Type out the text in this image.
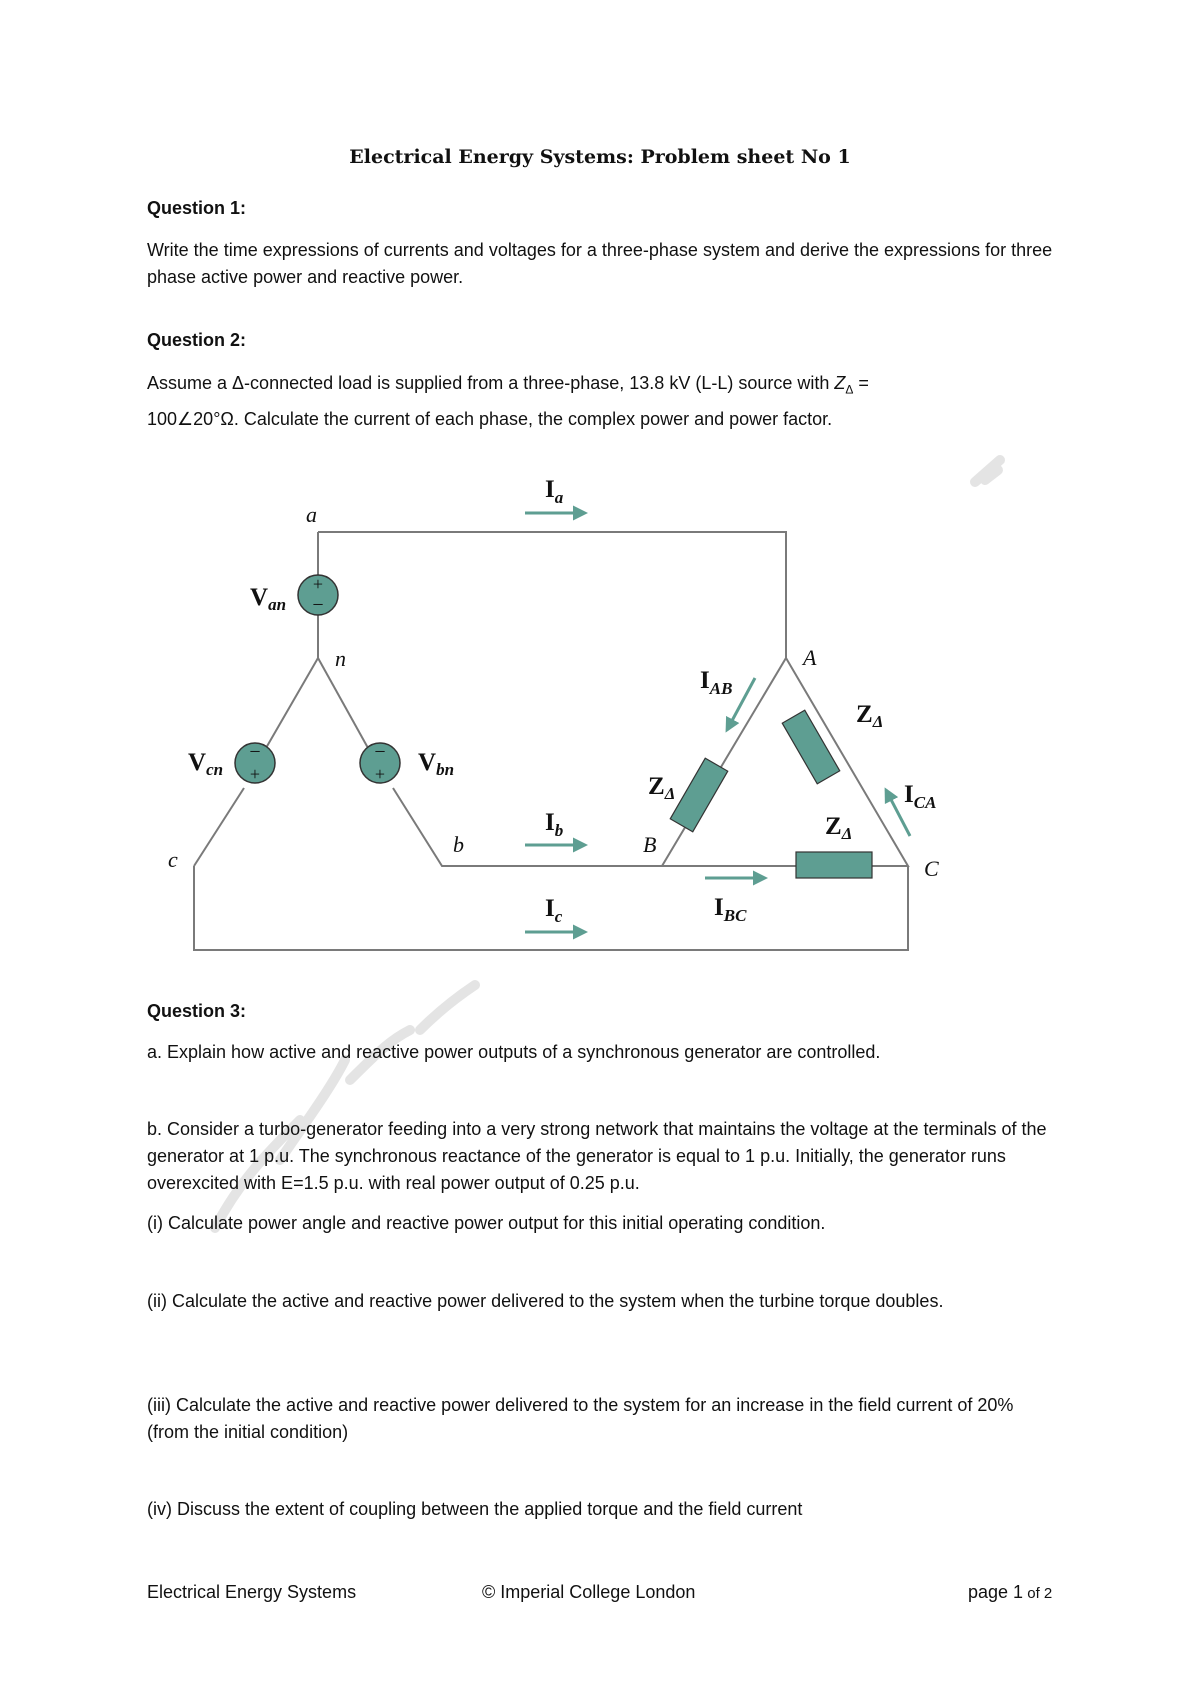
Electrical Energy Systems: Problem sheet No 1
Question 1:
Write the time expressions of currents and voltages for a three-phase system and derive the expressions for three phase active power and reactive power.
Question 2:
Assume a Δ-connected load is supplied from a three-phase, 13.8 kV (L-L) source with $Z_\Delta$ =
100∠20°Ω. Calculate the current of each phase, the complex power and power factor.
+
−
−
+
−
+
a
n
b
c
A
B
C
$V_{an}$
$V_{cn}$	$V_{bn}$
$I_a$
$I_b$
$I_c$
$I_{AB}$
$I_{BC}$
$I_{CA}$
$Z_\Delta$
$Z_\Delta$
$Z_\Delta$
Question 3:
a. Explain how active and reactive power outputs of a synchronous generator are controlled.
b. Consider a turbo-generator feeding into a very strong network that maintains the voltage at the terminals of the generator at 1 p.u. The synchronous reactance of the generator is equal to 1 p.u. Initially, the generator runs overexcited with E=1.5 p.u. with real power output of 0.25 p.u.
(i) Calculate power angle and reactive power output for this initial operating condition.
(ii) Calculate the active and reactive power delivered to the system when the turbine torque doubles.
(iii) Calculate the active and reactive power delivered to the system for an increase in the field current of 20% (from the initial condition)
(iv) Discuss the extent of coupling between the applied torque and the field current
Electrical Energy Systems	© Imperial College London	page 1 of 2
